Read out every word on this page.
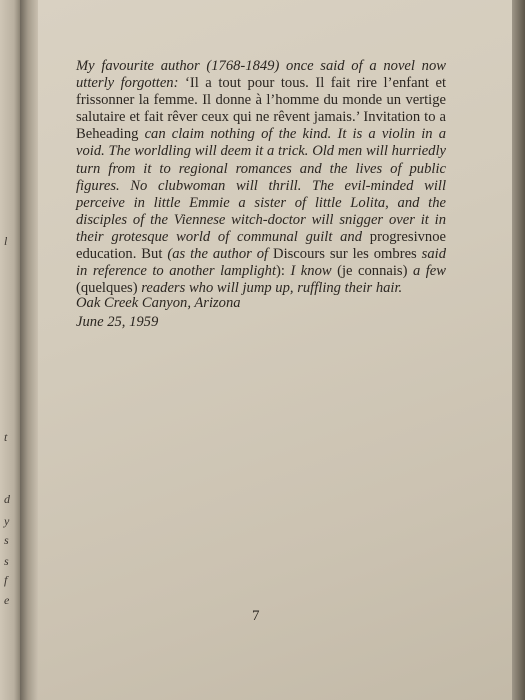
l
t
d
y
s
s
f
e

My favourite author (1768-1849) once said of a novel now utterly forgotten: ‘Il a tout pour tous. Il fait rire l’enfant et frissonner la femme. Il donne à l’homme du monde un vertige salutaire et fait rêver ceux qui ne rêvent jamais.’ Invitation to a Beheading can claim nothing of the kind. It is a violin in a void. The worldling will deem it a trick. Old men will hurriedly turn from it to regional romances and the lives of public figures. No clubwoman will thrill. The evil-minded will perceive in little Emmie a sister of little Lolita, and the disciples of the Viennese witch-doctor will snigger over it in their grotesque world of communal guilt and progresivnoe education. But (as the author of Discours sur les ombres said in reference to another lamplight): I know (je connais) a few (quelques) readers who will jump up, ruffling their hair.

Oak Creek Canyon, Arizona
June 25, 1959
7
